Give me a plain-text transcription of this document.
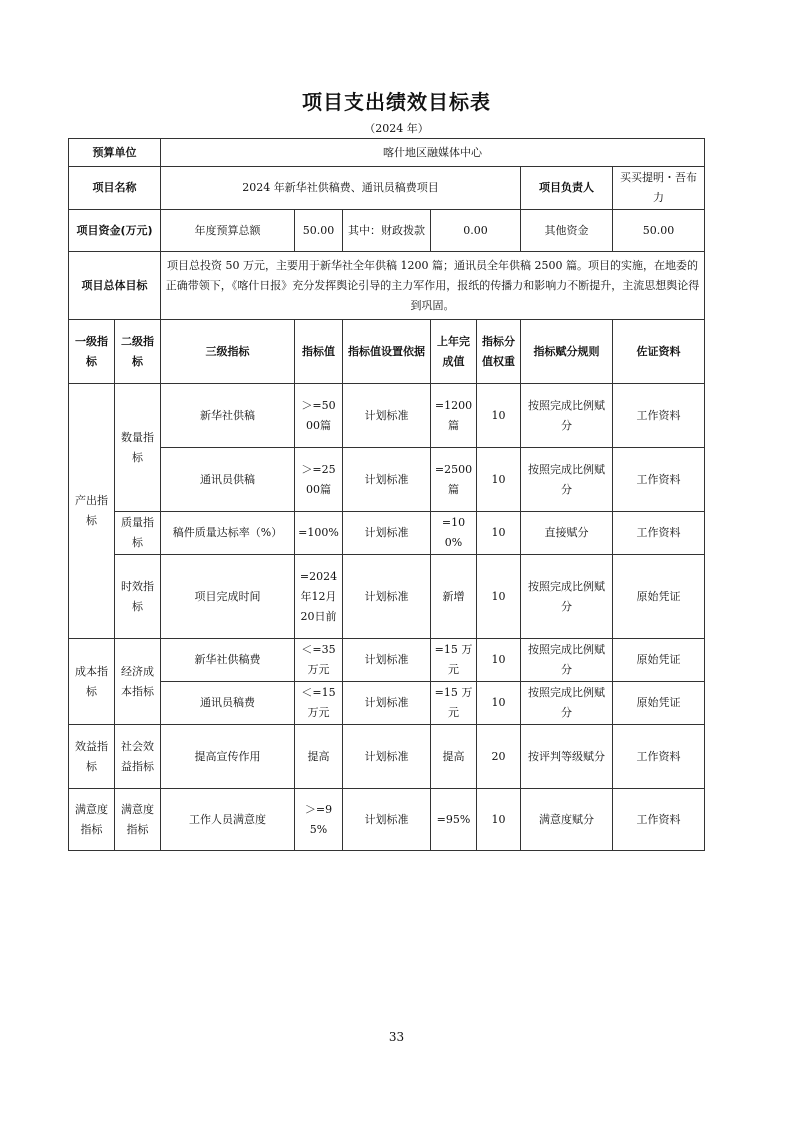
项目支出绩效目标表
（2024 年）
预算单位		喀什地区融媒体中心						
项目名称		2024 年新华社供稿费、通讯员稿费项目					项目负责人	买买提明・吾布力
项目资金(万元)		年度预算总额	50.00	其中：财政拨款	0.00		其他资金	50.00
项目总体目标		项目总投资 50 万元，主要用于新华社全年供稿 1200 篇；通讯员全年供稿 2500 篇。项目的实施，在地委的正确带领下，《喀什日报》充分发挥舆论引导的主力军作用，报纸的传播力和影响力不断提升，主流思想舆论得到巩固。						
一级指标	二级指标	三级指标	指标值	指标值设置依据	上年完成值	指标分值权重	指标赋分规则	佐证资料
产出指标	数量指标	新华社供稿	＞=5000篇	计划标准	=1200篇	10	按照完成比例赋分	工作资料
		通讯员供稿	＞=2500篇	计划标准	=2500篇	10	按照完成比例赋分	工作资料
	质量指标	稿件质量达标率（%）	=100%	计划标准	=100%	10	直接赋分	工作资料
	时效指标	项目完成时间	=2024年12月20日前	计划标准	新增	10	按照完成比例赋分	原始凭证
成本指标	经济成本指标	新华社供稿费	＜=35万元	计划标准	=15 万元	10	按照完成比例赋分	原始凭证
		通讯员稿费	＜=15万元	计划标准	=15 万元	10	按照完成比例赋分	原始凭证
效益指标	社会效益指标	提高宣传作用	提高	计划标准	提高	20	按评判等级赋分	工作资料
满意度指标	满意度指标	工作人员满意度	＞=95%	计划标准	=95%	10	满意度赋分	工作资料
33
